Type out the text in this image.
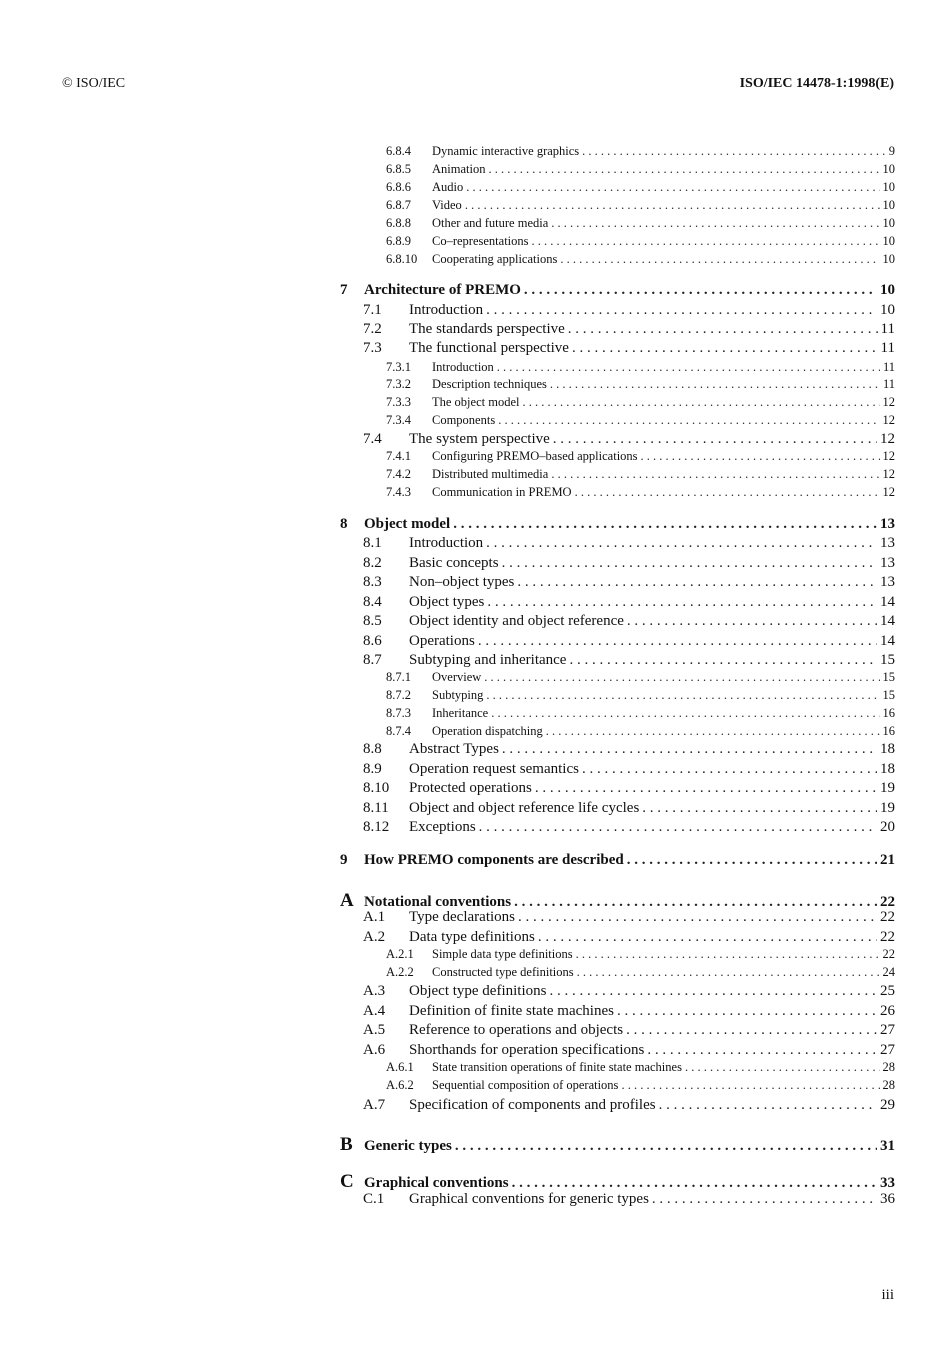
© ISO/IEC	ISO/IEC 14478-1:1998(E)
6.8.4	Dynamic interactive graphics . . .	9
6.8.5	Animation . . .	10
6.8.6	Audio . . .	10
6.8.7	Video . . .	10
6.8.8	Other and future media . . .	10
6.8.9	Co–representations . . .	10
6.8.10	Cooperating applications . . .	10
7	Architecture of PREMO . . .	10
7.1	Introduction . . .	10
7.2	The standards perspective . . .	11
7.3	The functional perspective . . .	11
7.3.1	Introduction . . .	11
7.3.2	Description techniques . . .	11
7.3.3	The object model . . .	12
7.3.4	Components . . .	12
7.4	The system perspective . . .	12
7.4.1	Configuring PREMO–based applications . . .	12
7.4.2	Distributed multimedia . . .	12
7.4.3	Communication in PREMO . . .	12
8	Object model . . .	13
8.1	Introduction . . .	13
8.2	Basic concepts . . .	13
8.3	Non–object types . . .	13
8.4	Object types . . .	14
8.5	Object identity and object reference . . .	14
8.6	Operations . . .	14
8.7	Subtyping and inheritance . . .	15
8.7.1	Overview . . .	15
8.7.2	Subtyping . . .	15
8.7.3	Inheritance . . .	16
8.7.4	Operation dispatching . . .	16
8.8	Abstract Types . . .	18
8.9	Operation request semantics . . .	18
8.10	Protected operations . . .	19
8.11	Object and object reference life cycles . . .	19
8.12	Exceptions . . .	20
9	How PREMO components are described . . .	21
A Notational conventions . . .	22
A.1	Type declarations . . .	22
A.2	Data type definitions . . .	22
A.2.1	Simple data type definitions . . .	22
A.2.2	Constructed type definitions . . .	24
A.3	Object type definitions . . .	25
A.4	Definition of finite state machines . . .	26
A.5	Reference to operations and objects . . .	27
A.6	Shorthands for operation specifications . . .	27
A.6.1	State transition operations of finite state machines . . .	28
A.6.2	Sequential composition of operations . . .	28
A.7	Specification of components and profiles . . .	29
B Generic types . . .	31
C Graphical conventions . . .	33
C.1	Graphical conventions for generic types . . .	36
iii
